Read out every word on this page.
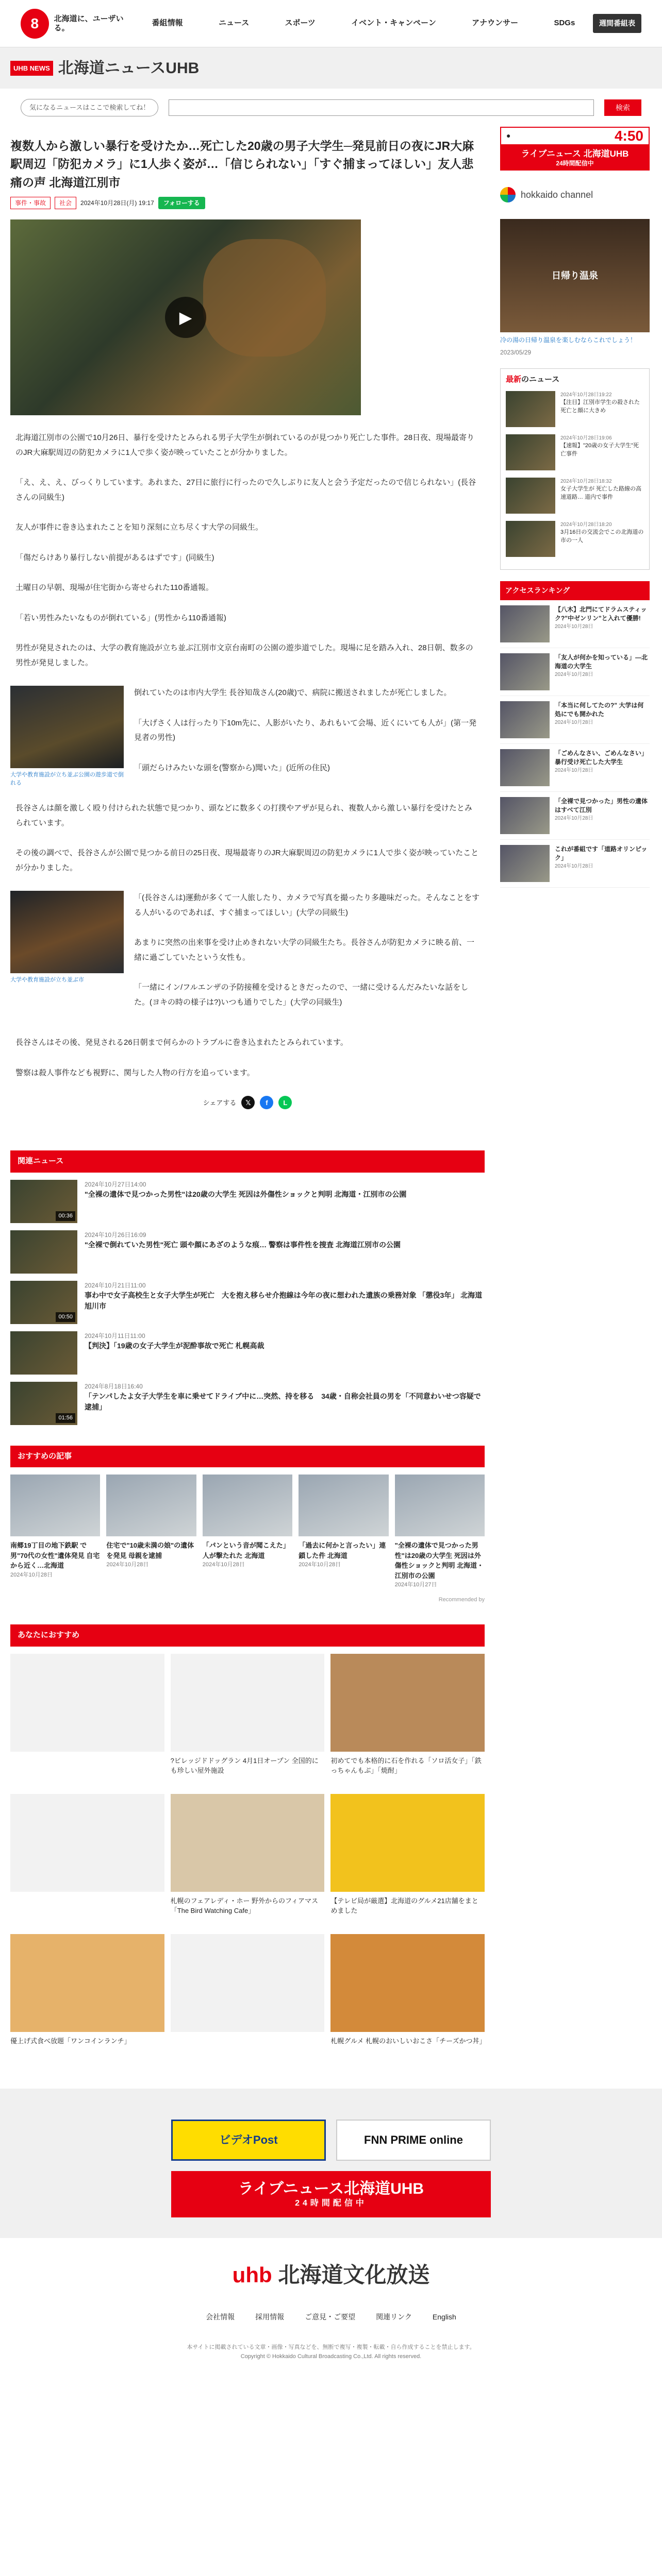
8	北海道に、ユーザいる。
番組情報	ニュース	スポーツ	イベント・キャンペーン	アナウンサー	SDGs	週間番組表
UHB NEWS 北海道ニュースUHB
気になるニュースはここで検索してね！	検索
複数人から激しい暴行を受けたか…死亡した20歳の男子大学生─発見前日の夜にJR大麻駅周辺「防犯カメラ」に1人歩く姿が…「信じられない」「すぐ捕まってほしい」友人悲痛の声 北海道江別市
事件・事故	社会	2024年10月28日(月) 19:17	フォローする
▶

北海道江別市の公園で10月26日、暴行を受けたとみられる男子大学生が倒れているのが見つかり死亡した事件。28日夜、現場最寄りのJR大麻駅周辺の防犯カメラに1人で歩く姿が映っていたことが分かりました。

「え、え、え、びっくりしています。あれまた、27日に旅行に行ったので久しぶりに友人と会う予定だったので信じられない」(長谷さんの同級生)

友人が事件に巻き込まれたことを知り深刻に立ち尽くす大学の同級生。

「傷だらけあり暴行しない前提があるはずです」(同級生)

土曜日の早朝、現場が住宅街から寄せられた110番通報。

「若い男性みたいなものが倒れている」(男性から110番通報)

男性が発見されたのは、大学の教育施設が立ち並ぶ江別市文京台南町の公園の遊歩道でした。現場に足を踏み入れ、28日朝、数多の男性が発見しました。

大学や教育施設が立ち並ぶ公園の遊歩道で倒れる

倒れていたのは市内大学生 長谷知哉さん(20歳)で、病院に搬送されましたが死亡しました。

「大げさく人は行ったり下10m先に、人影がいたり、あれもいて会場、近くにいても人が」(第一発見者の男性)

「頭だらけみたいな頭を(警察から)聞いた」(近所の住民)

長谷さんは顔を激しく殴り付けられた状態で見つかり、頭などに数多くの打撲やアザが見られ、複数人から激しい暴行を受けたとみられています。

その後の調べで、長谷さんが公園で見つかる前日の25日夜、現場最寄りのJR大麻駅周辺の防犯カメラに1人で歩く姿が映っていたことが分かりました。

大学や教育施設が立ち並ぶ市

「(長谷さんは)運動が多くて一人旅したり、カメラで写真を撮ったり多趣味だった。そんなことをする人がいるのであれば、すぐ捕まってほしい」(大学の同級生)

あまりに突然の出来事を受け止めきれない大学の同級生たち。長谷さんが防犯カメラに映る前、一緒に過ごしていたという女性も。

「一緒にイン/フルエンザの予防接種を受けるときだったので、一緒に受けるんだみたいな話をした。(ヨキの時の様子は?)いつも通りでした」(大学の同級生)

長谷さんはその後、発見される26日朝まで何らかのトラブルに巻き込まれたとみられています。

警察は殺人事件なども視野に、関与した人物の行方を追っています。

シェアする	𝕏	f	L
関連ニュース
00:36
2024年10月27日14:00
"全裸の遺体で見つかった男性"は20歳の大学生 死因は外傷性ショックと判明 北海道・江別市の公園
2024年10月26日16:09
"全裸で倒れていた男性"死亡 頭や顔にあざのような痕… 警察は事件性を捜査 北海道江別市の公園
00:50
2024年10月21日11:00
事わ中で女子高校生と女子大学生が死亡　大を抱え移らせ介抱線は今年の夜に想われた遺族の乗務対象 「懲役3年」 北海道旭川市
2024年10月11日11:00
【判決】「19歳の女子大学生が泥酔事故で死亡 札幌高裁
01:56
2024年8月18日16:40
「テンパしたよ女子大学生を車に乗せてドライブ中に…突然、持を移る　34歳・自称会社員の男を「不同意わいせつ容疑で逮捕」
おすすめの記事
南郷19丁目の地下鉄駅 で男"70代の女性"遺体発見 自宅から近く…北海道
2024年10月28日
住宅で"10歳未満の娘"の遺体を発見 母親を逮捕
2024年10月28日
「パンという音が聞こえた」人が撃たれた 北海道
2024年10月28日
「過去に何かと言ったい」連鎖した件 北海道
2024年10月28日
"全裸の遺体で見つかった男性"は20歳の大学生 死因は外傷性ショックと判明 北海道・江別市の公園
2024年10月27日
Recommended by
あなたにおすすめ
?ビレッジドドッグラン 4月1日オープン 全国的にも珍しい屋外施設
初めてでも本格的に石を作れる「ソロ活女子」「鉄っちゃんもぶ」「焼酎」
札幌のフェアレディ・ホー 野外からのフィアマス 「The Bird Watching Cafe」
【テレビ局が厳選】北海道のグルメ21店舗をまとめました
優上げ式食べ放題「ワンコインランチ」	札幌グルメ 札幌のおいしいおこさ「チーズかつ丼」
●	4:50
ライブニュース 北海道UHB
24時間配信中
hokkaido channel
日帰り温泉
冷の湯の日帰り温泉を楽しむならこれでしょう！
2023/05/29
最新のニュース
2024年10月28日19:22
【注目】江別市学生の殺された死亡と顔に大きめ
2024年10月28日19:06
【速報】"20歳の女子大学生"死亡事件
2024年10月28日18:32
女子大学生が 死亡した路線の高速道路… 道内で事件
2024年10月28日18:20
3月16日の交流会でこの北海道の市の一人
アクセスランキング
【八木】北門にてドラムスティック?"中ゼンリン"と入れて優勝!
2024年10月28日
「友人が何かを知っている」—北海道の大学生
2024年10月28日
「本当に何してたの?" 大学は何処にでも開かれた
2024年10月28日
「ごめんなさい、ごめんなさい」暴行受け死亡した大学生
2024年10月28日
「全裸で見つかった」男性の遺体はすべて江別
2024年10月28日
これが番組です「道路オリンピック」
2024年10月28日
ビデオPost	FNN PRIME online
ライブニュース北海道UHB
24時間配信中
uhb 北海道文化放送
会社情報	採用情報	ご意見・ご要望	関連リンク	English
本サイトに掲載されている文章・画像・写真などを、無断で複写・複製・転載・自ら作成することを禁止します。
Copyright © Hokkaido Cultural Broadcasting Co.,Ltd. All rights reserved.
